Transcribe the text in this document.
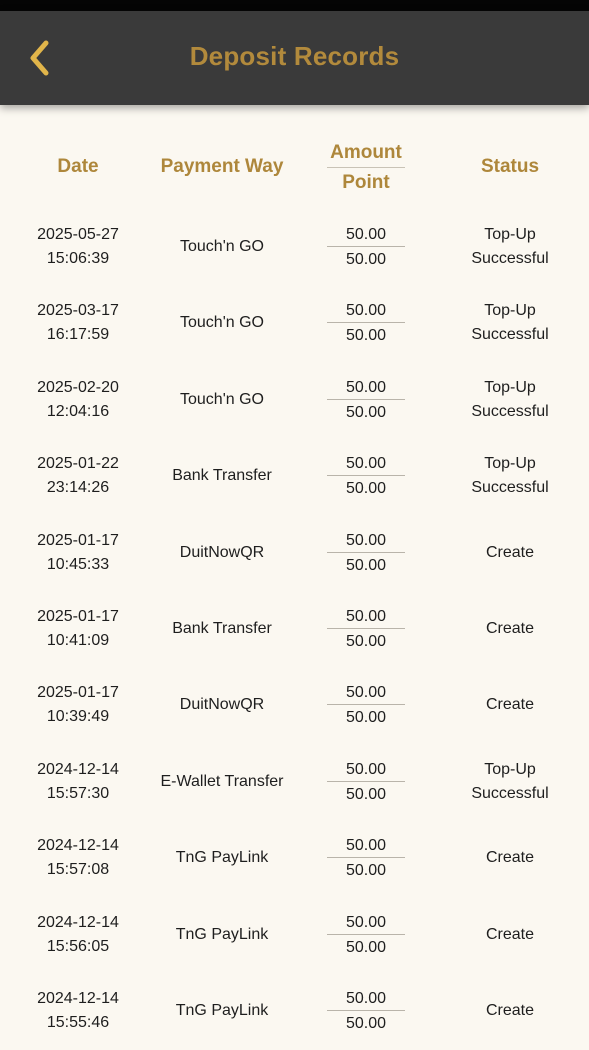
Deposit Records
Date	Payment Way
Amount
Point
Status
2025-05-27
15:06:39
Touch'n GO
50.00
50.00
Top-Up
Successful
2025-03-17
16:17:59
Touch'n GO
50.00
50.00
Top-Up
Successful
2025-02-20
12:04:16
Touch'n GO
50.00
50.00
Top-Up
Successful
2025-01-22
23:14:26
Bank Transfer
50.00
50.00
Top-Up
Successful
2025-01-17
10:45:33
DuitNowQR
50.00
50.00
Create
2025-01-17
10:41:09
Bank Transfer
50.00
50.00
Create
2025-01-17
10:39:49
DuitNowQR
50.00
50.00
Create
2024-12-14
15:57:30
E-Wallet Transfer
50.00
50.00
Top-Up
Successful
2024-12-14
15:57:08
TnG PayLink
50.00
50.00
Create
2024-12-14
15:56:05
TnG PayLink
50.00
50.00
Create
2024-12-14
15:55:46
TnG PayLink
50.00
50.00
Create
